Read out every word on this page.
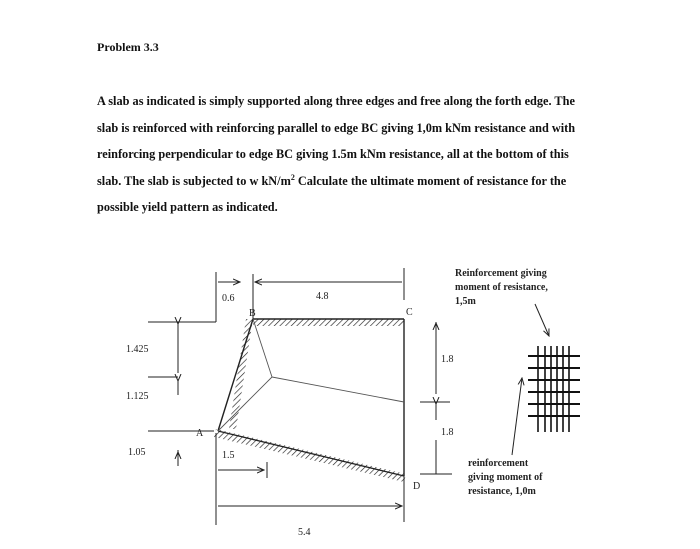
Problem 3.3
A slab as indicated is simply supported along three edges and free along the forth edge. The
slab is reinforced with reinforcing parallel to edge BC giving 1,0m kNm resistance and with
reinforcing perpendicular to edge BC giving 1.5m kNm resistance, all at the bottom of this
slab. The slab is subjected to w $kN/m^2$ Calculate the ultimate moment of resistance for the
possible yield pattern as indicated.
B	C
A
D
0.6	4.8
1.425
1.125
1.05
1.8
1.8
1.5
5.4
Reinforcement giving
moment of resistance,
1,5m
reinforcement
giving moment of
resistance, 1,0m
